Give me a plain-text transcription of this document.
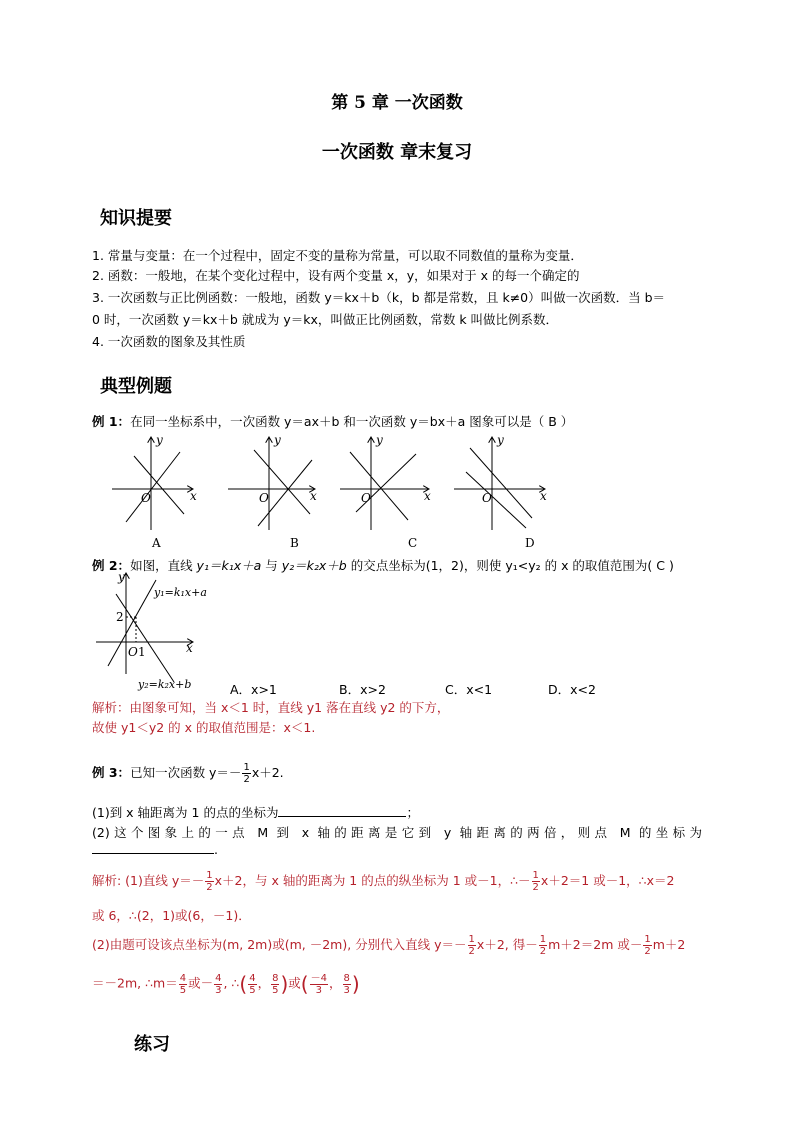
第 5 章 一次函数
一次函数 章末复习
知识提要
1. 常量与变量：在一个过程中，固定不变的量称为常量，可以取不同数值的量称为变量．
2. 函数：一般地，在某个变化过程中，设有两个变量 x，y，如果对于 x 的每一个确定的
3. 一次函数与正比例函数：一般地，函数 y＝kx＋b（k，b 都是常数，且 k≠0）叫做一次函数．当 b＝
0 时，一次函数 y＝kx＋b 就成为 y＝kx，叫做正比例函数，常数 k 叫做比例系数．
4. 一次函数的图象及其性质
典型例题
例 1：在同一坐标系中，一次函数 y＝ax＋b 和一次函数 y＝bx＋a 图象可以是（ B ）
y
x
O
A
y
x
O
B
y
x
O
C
y
x
O
D
例 2：如图，直线 y₁＝k₁x＋a 与 y₂＝k₂x＋b 的交点坐标为(1，2)，则使 y₁<y₂ 的 x 的取值范围为( C )
y
y₁=k₁x+a
2
x
O 1
y₂=k₂x+b	A．x>1	B．x>2	C．x<1	D．x<2
解析：由图象可知，当 x＜1 时，直线 y1 落在直线 y2 的下方，
故使 y1＜y2 的 x 的取值范围是：x＜1.
例 3：已知一次函数 $y=- \frac{1}{2} x+2$.
(1)到 x 轴距离为 1 的点的坐标为	；
(2)这个图象上的一点 M 到 x 轴的距离是它到 y 轴距离的两倍，则点 M 的坐标为
.
解析: (1)直线 $y=- \frac{1}{2} x+2$，与 x 轴的距离为 1 的点的纵坐标为 1 或－1，∴－ $\frac{1}{2} x+2=1$ 或－1，∴x＝2
或 6，∴(2，1)或(6，－1)．
(2)由题可设该点坐标为(m, 2m)或(m, －2m), 分别代入直线 $y=- \frac{1}{2} x+2$, 得－ $\frac{1}{2} m+2=2m$ 或－ $\frac{1}{2} m+2$
＝－2m, ∴m＝ $\frac{4}{5}$ 或－ $\frac{4}{3}$ , ∴( $\frac{4}{5}$ ， $\frac{8}{5}$ )或( $\frac{-4}{3}$ ， $\frac{8}{3}$ )
练习
